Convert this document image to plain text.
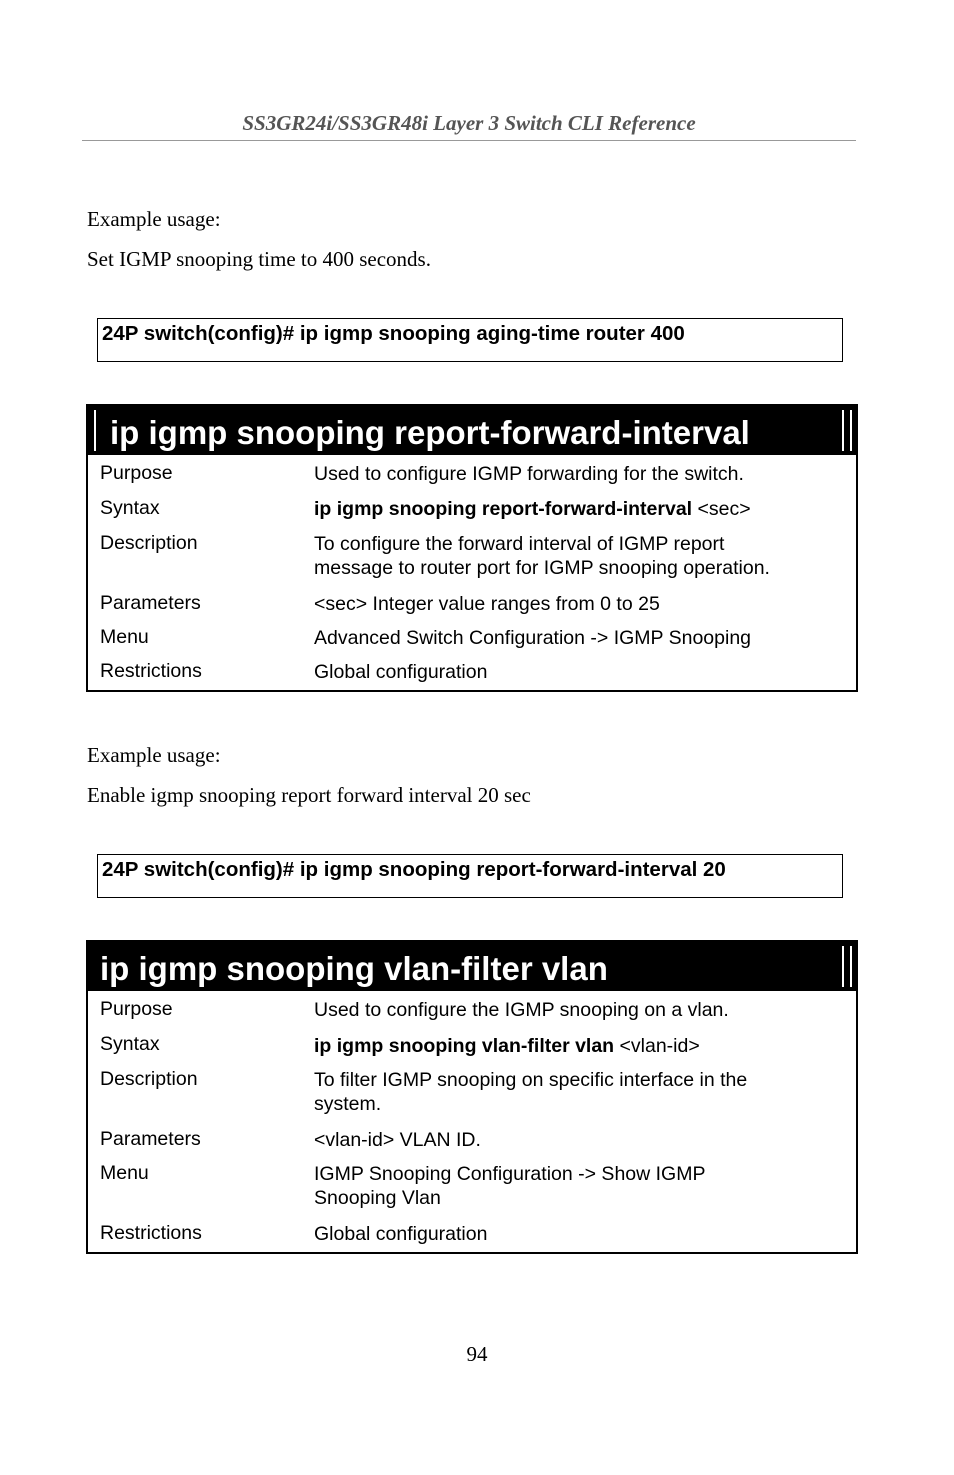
SS3GR24i/SS3GR48i Layer 3 Switch CLI Reference
Example usage:
Set IGMP snooping time to 400 seconds.
24P switch(config)# ip igmp snooping aging-time router 400
ip igmp snooping report-forward-interval
Purpose	Used to configure IGMP forwarding for the switch.
Syntax	ip igmp snooping report-forward-interval <sec>
Description	To configure the forward interval of IGMP report
message to router port for IGMP snooping operation.
Parameters	<sec> Integer value ranges from 0 to 25
Menu	Advanced Switch Configuration -> IGMP Snooping
Restrictions	Global configuration
Example usage:
Enable igmp snooping report forward interval 20 sec
24P switch(config)# ip igmp snooping report-forward-interval 20
ip igmp snooping vlan-filter vlan
Purpose	Used to configure the IGMP snooping on a vlan.
Syntax	ip igmp snooping vlan-filter vlan <vlan-id>
Description	To filter IGMP snooping on specific interface in the
system.
Parameters	<vlan-id> VLAN ID.
Menu	IGMP Snooping Configuration -> Show IGMP
Snooping Vlan
Restrictions	Global configuration
94
